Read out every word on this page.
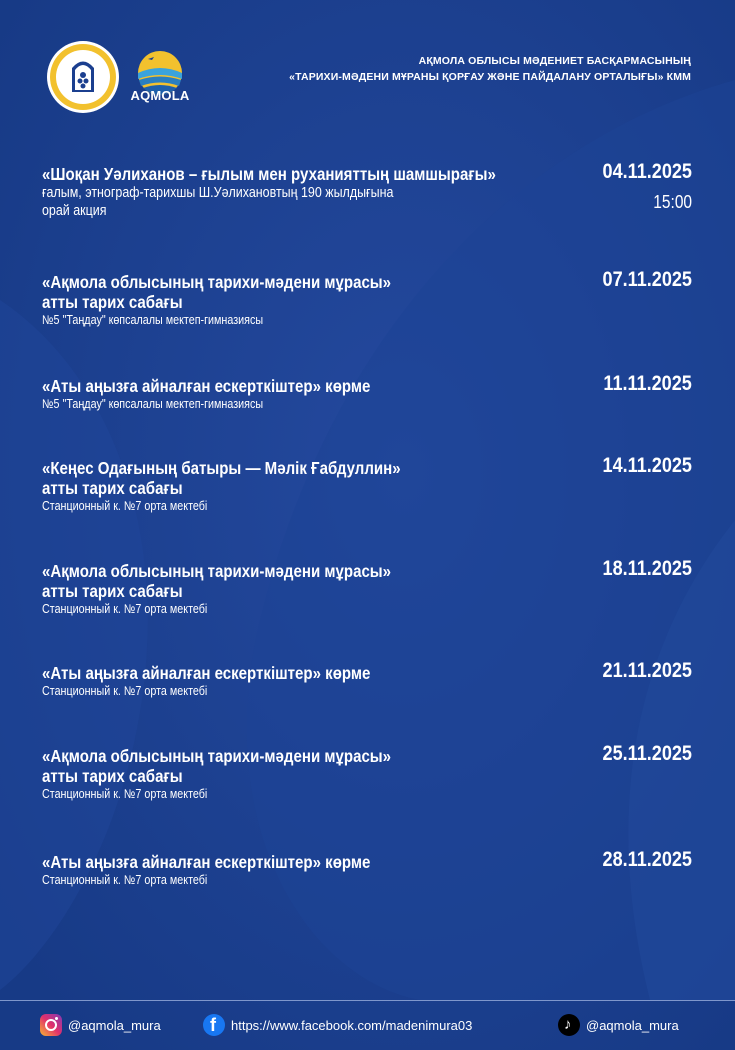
AQMOLA
АҚМОЛА ОБЛЫСЫ МӘДЕНИЕТ БАСҚАРМАСЫНЫҢ
«ТАРИХИ-МӘДЕНИ МҰРАНЫ ҚОРҒАУ ЖӘНЕ ПАЙДАЛАНУ ОРТАЛЫҒЫ» КММ
«Шоқан Уәлиханов – ғылым мен руханияттың шамшырағы»
ғалым, этнограф-тарихшы Ш.Уәлихановтың 190 жылдығына
орай акция
04.11.2025
15:00
«Ақмола облысының тарихи-мәдени мұрасы»
атты тарих сабағы
№5 "Таңдау" көпсалалы мектеп-гимназиясы
07.11.2025
«Аты аңызға айналған ескерткіштер» көрме
№5 "Таңдау" көпсалалы мектеп-гимназиясы
11.11.2025
«Кеңес Одағының батыры — Мәлік Ғабдуллин»
атты тарих сабағы
Станционный к. №7 орта мектебі
14.11.2025
«Ақмола облысының тарихи-мәдени мұрасы»
атты тарих сабағы
Станционный к. №7 орта мектебі
18.11.2025
«Аты аңызға айналған ескерткіштер» көрме
Станционный к. №7 орта мектебі
21.11.2025
«Ақмола облысының тарихи-мәдени мұрасы»
атты тарих сабағы
Станционный к. №7 орта мектебі
25.11.2025
«Аты аңызға айналған ескерткіштер» көрме
Станционный к. №7 орта мектебі
28.11.2025
@aqmola_mura	f https://www.facebook.com/madenimura03	♪ @aqmola_mura
